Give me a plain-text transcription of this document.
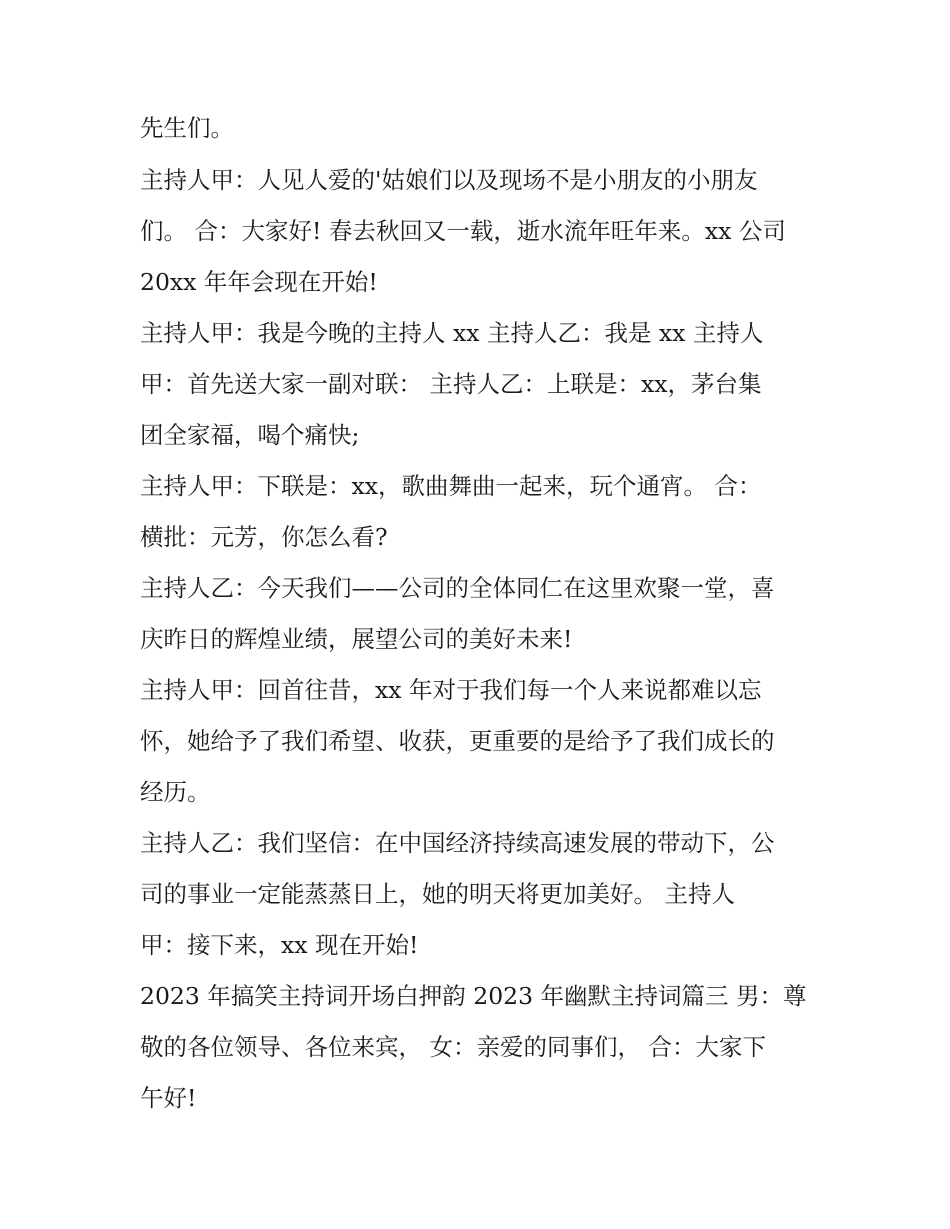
先生们。
主持人甲：人见人爱的'姑娘们以及现场不是小朋友的小朋友
们。 合：大家好! 春去秋回又一载，逝水流年旺年来。xx 公司
20xx 年年会现在开始!
主持人甲：我是今晚的主持人 xx 主持人乙：我是 xx 主持人
甲：首先送大家一副对联： 主持人乙：上联是：xx，茅台集
团全家福，喝个痛快;
主持人甲：下联是：xx，歌曲舞曲一起来，玩个通宵。 合：
横批：元芳，你怎么看?
主持人乙：今天我们——公司的全体同仁在这里欢聚一堂，喜
庆昨日的辉煌业绩，展望公司的美好未来!
主持人甲：回首往昔，xx 年对于我们每一个人来说都难以忘
怀，她给予了我们希望、收获，更重要的是给予了我们成长的
经历。
主持人乙：我们坚信：在中国经济持续高速发展的带动下，公
司的事业一定能蒸蒸日上，她的明天将更加美好。 主持人
甲：接下来，xx 现在开始!
2023 年搞笑主持词开场白押韵 2023 年幽默主持词篇三 男：尊
敬的各位领导、各位来宾， 女：亲爱的同事们， 合：大家下
午好!
